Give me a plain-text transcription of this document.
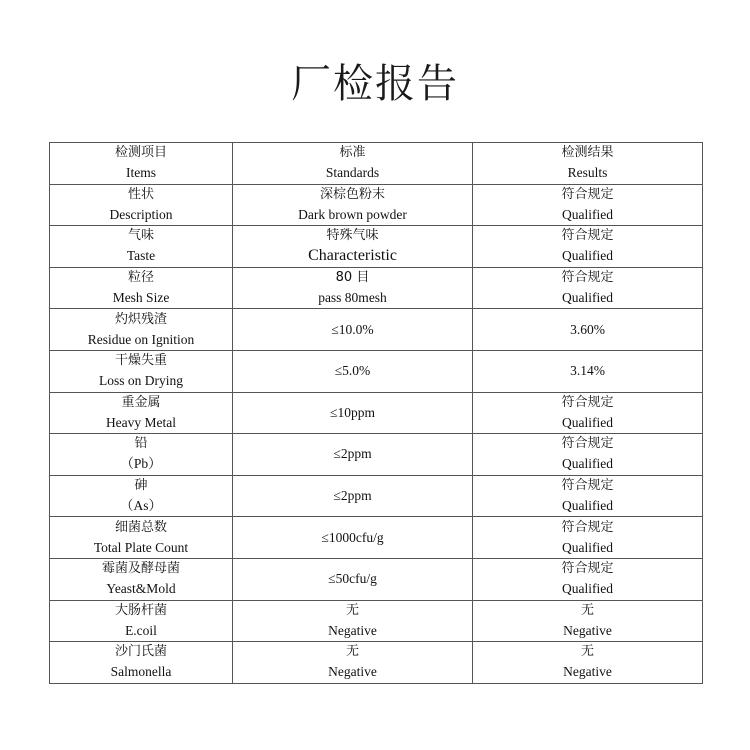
厂检报告
检测项目
Items	标准
Standards	检测结果
Results

性状
Description	深棕色粉末
Dark brown powder	符合规定
Qualified

气味
Taste	特殊气味
Characteristic	符合规定
Qualified

粒径
Mesh Size	80 目
pass 80mesh	符合规定
Qualified

灼炽残渣
Residue on Ignition	≤10.0%	3.60%

干燥失重
Loss on Drying	≤5.0%	3.14%

重金属
Heavy Metal	≤10ppm	符合规定
Qualified

铅
（Pb）	≤2ppm	符合规定
Qualified

砷
（As）	≤2ppm	符合规定
Qualified

细菌总数
Total Plate Count	≤1000cfu/g	符合规定
Qualified

霉菌及酵母菌
Yeast&Mold	≤50cfu/g	符合规定
Qualified

大肠杆菌
E.coil	无
Negative	无
Negative

沙门氏菌
Salmonella	无
Negative	无
Negative
